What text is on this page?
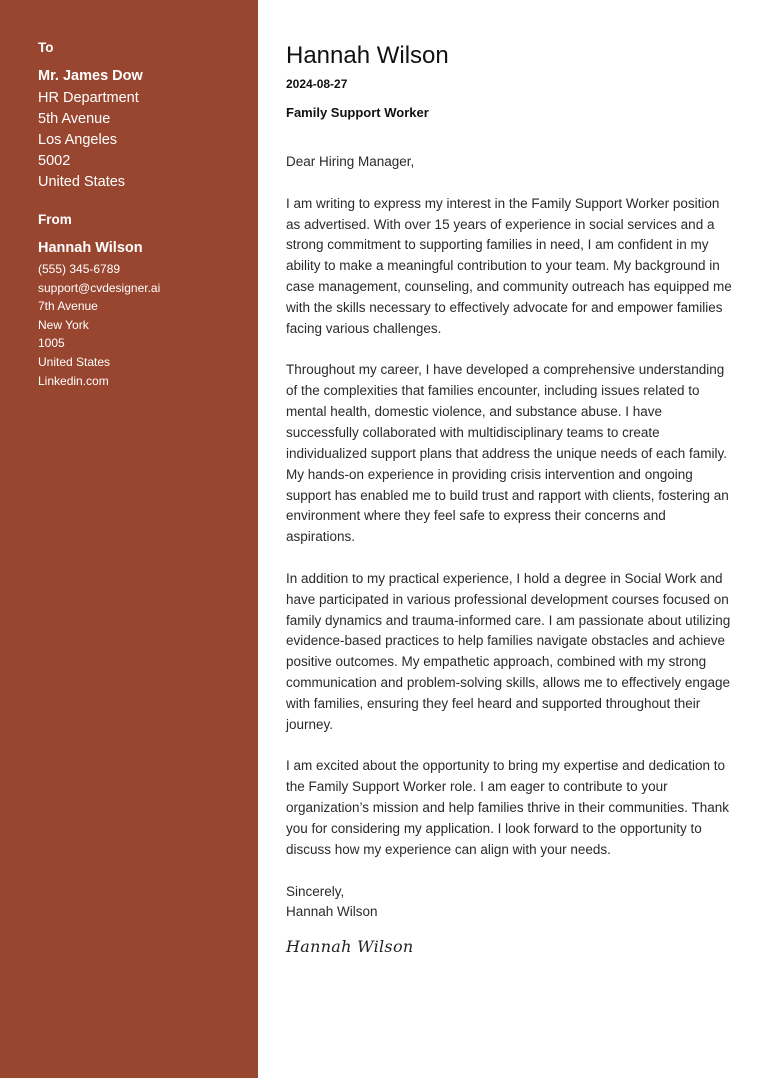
To
Mr. James Dow
HR Department
5th Avenue
Los Angeles
5002
United States
From
Hannah Wilson
(555) 345-6789
support@cvdesigner.ai
7th Avenue
New York
1005
United States
Linkedin.com
Hannah Wilson
2024-08-27
Family Support Worker

Dear Hiring Manager,

I am writing to express my interest in the Family Support Worker position as advertised. With over 15 years of experience in social services and a strong commitment to supporting families in need, I am confident in my ability to make a meaningful contribution to your team. My background in case management, counseling, and community outreach has equipped me with the skills necessary to effectively advocate for and empower families facing various challenges.

Throughout my career, I have developed a comprehensive understanding of the complexities that families encounter, including issues related to mental health, domestic violence, and substance abuse. I have successfully collaborated with multidisciplinary teams to create individualized support plans that address the unique needs of each family. My hands-on experience in providing crisis intervention and ongoing support has enabled me to build trust and rapport with clients, fostering an environment where they feel safe to express their concerns and aspirations.

In addition to my practical experience, I hold a degree in Social Work and have participated in various professional development courses focused on family dynamics and trauma-informed care. I am passionate about utilizing evidence-based practices to help families navigate obstacles and achieve positive outcomes. My empathetic approach, combined with my strong communication and problem-solving skills, allows me to effectively engage with families, ensuring they feel heard and supported throughout their journey.

I am excited about the opportunity to bring my expertise and dedication to the Family Support Worker role. I am eager to contribute to your organization’s mission and help families thrive in their communities. Thank you for considering my application. I look forward to the opportunity to discuss how my experience can align with your needs.

Sincerely,
Hannah Wilson
Hannah Wilson
